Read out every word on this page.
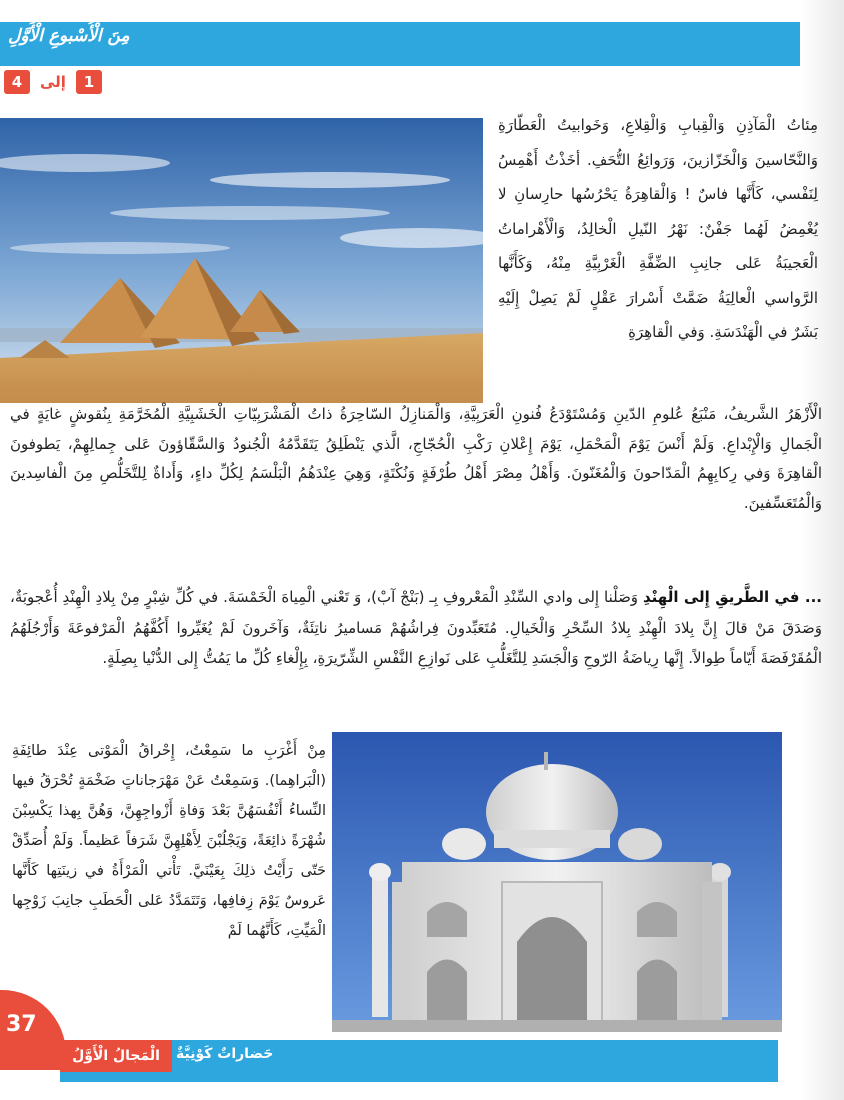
مِنَ الْأُسْبوعِ الْأَوَّلِ
4	إلى	1

مِئاتُ الْمَآذِنِ وَالْقِبابِ وَالْقِلاعِ، وَخَوابيتُ الْعَطّارَةِ وَالنَّحّاسينَ وَالْخَزّازينَ، وَرَوائِعُ التُّحَفِ. أخَذْتُ أَهْمِسُ لِنَفْسي، كَأَنَّها فاسٌ ! وَالْقاهِرَةُ يَحْرُسُها حارِسانِ لا يُغْمِضُ لَهُما جَفْنٌ: نَهْرُ النّيلِ الْخالِدُ، وَالْأَهْراماتُ الْعَجيبَةُ عَلى جانِبِ الضِّفَّةِ الْغَرْبِيَّةِ مِنْهُ، وَكَأَنَّها الرَّواسي الْعالِيَةُ ضَمَّتْ أَسْرارَ عَقْلٍ لَمْ يَصِلْ إِلَيْهِ بَشَرٌ في الْهَنْدَسَةِ. وَفي الْقاهِرَةِ

الْأَزْهَرُ الشَّريفُ، مَنْبَعُ عُلومِ الدّينِ وَمُسْتَوْدَعُ فُنونِ الْعَرَبِيَّةِ، وَالْمَنازِلُ السّاحِرَةُ ذاتُ الْمَشْرَبِيّاتِ الْخَشَبِيَّةِ الْمُخَرَّمَةِ بِنُقوشٍ غايَةٍ في الْجَمالِ وَالْإِبْداعِ. وَلَمْ أَنْسَ يَوْمَ الْمَحْمَلِ، يَوْمَ إِعْلانِ رَكْبِ الْحُجّاجِ، الَّذي يَنْطَلِقُ يَتَقَدَّمُهُ الْجُنودُ وَالسَّقّاؤونَ عَلى جِمالِهِمْ، يَطوفونَ الْقاهِرَةَ وَفي رِكابِهِمُ الْمَدّاحونَ وَالْمُغَنّونَ. وَأَهْلُ مِصْرَ أَهْلُ طُرْفَةٍ وَنُكْتَةٍ، وَهِيَ عِنْدَهُمُ الْبَلْسَمُ لِكُلِّ داءٍ، وَأَداةٌ لِلتَّخَلُّصِ مِنَ الْفاسِدينَ وَالْمُتَعَسِّفينَ.

... في الطَّريقِ إِلى الْهِنْدِ وَصَلْنا إِلى وادي السِّنْدِ الْمَعْروفِ بِـ (بَنْجْ آبْ)، وَ تَعْني الْمِياهَ الْخَمْسَةَ. في كُلِّ شِبْرٍ مِنْ بِلادِ الْهِنْدِ أُعْجوبَةٌ، وَصَدَقَ مَنْ قالَ إِنَّ بِلادَ الْهِنْدِ بِلادُ السِّحْرِ وَالْخَيالِ. مُتَعَبِّدونَ فِراشُهُمْ مَساميرُ ناتِئَةٌ، وَآخَرونَ لَمْ يُغَيِّروا أَكُفَّهُمُ الْمَرْفوعَةَ وَأَرْجُلَهُمُ الْمُقَرْفَصَةَ أَيّاماً طِوالاً. إِنَّها رِياضَةُ الرّوحِ وَالْجَسَدِ لِلتَّغَلُّبِ عَلى نَوازِعِ النَّفْسِ الشِّرّيرَةِ، بِإِلْغاءِ كُلِّ ما يَمُتُّ إِلى الدُّنْيا بِصِلَةٍ.

مِنْ أَغْرَبِ ما سَمِعْتُ، إِحْراقُ الْمَوْتى عِنْدَ طائِفَةِ (الْبَراهِما). وَسَمِعْتُ عَنْ مَهْرَجاناتٍ ضَخْمَةٍ تُحْرَقُ فيها النِّساءُ أَنْفُسَهُنَّ بَعْدَ وَفاةِ أَزْواجِهِنَّ، وَهُنَّ بِهذا يَكْسِبْنَ شُهْرَةً ذائِعَةً، وَيَجْلُبْنَ لِأَهْلِهِنَّ شَرَفاً عَظيماً. وَلَمْ أُصَدِّقْ حَتّى رَأَيْتُ ذلِكَ بِعَيْنَيَّ. تَأْتي الْمَرْأَةُ في زينَتِها كَأَنَّها عَروسٌ يَوْمَ زِفافِها، وَتَتَمَدَّدُ عَلى الْحَطَبِ جانِبَ زَوْجِها الْمَيِّتِ، كَأَنَّهُما لَمْ

37
الْمَجالُ الْأَوَّلُ	حَضاراتٌ كَوْنِيَّةٌ
